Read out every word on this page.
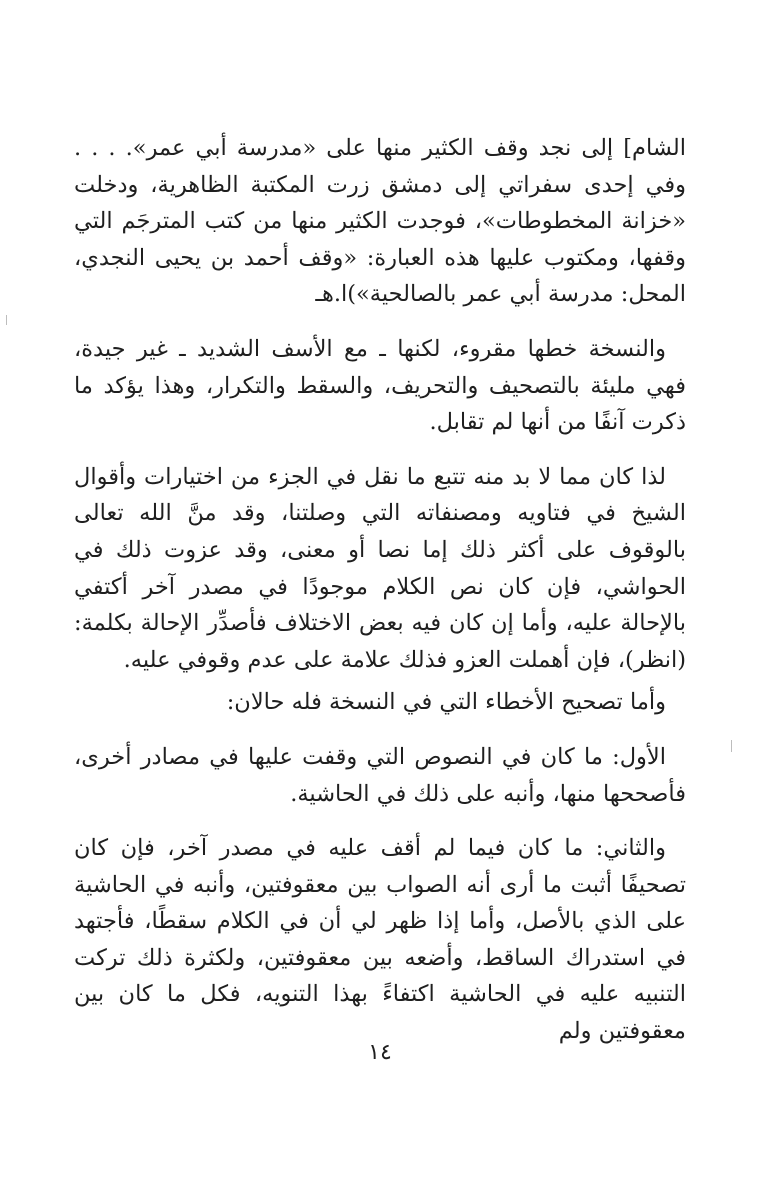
الشام] إلى نجد وقف الكثير منها على «مدرسة أبي عمر». . . . وفي إحدى سفراتي إلى دمشق زرت المكتبة الظاهرية، ودخلت «خزانة المخطوطات»، فوجدت الكثير منها من كتب المترجَم التي وقفها، ومكتوب عليها هذه العبارة: «وقف أحمد بن يحيى النجدي، المحل: مدرسة أبي عمر بالصالحية»)ا.هـ

والنسخة خطها مقروء، لكنها ـ مع الأسف الشديد ـ غير جيدة، فهي مليئة بالتصحيف والتحريف، والسقط والتكرار، وهذا يؤكد ما ذكرت آنفًا من أنها لم تقابل.

لذا كان مما لا بد منه تتبع ما نقل في الجزء من اختيارات وأقوال الشيخ في فتاويه ومصنفاته التي وصلتنا، وقد منَّ الله تعالى بالوقوف على أكثر ذلك إما نصا أو معنى، وقد عزوت ذلك في الحواشي، فإن كان نص الكلام موجودًا في مصدر آخر أكتفي بالإحالة عليه، وأما إن كان فيه بعض الاختلاف فأصدِّر الإحالة بكلمة: (انظر)، فإن أهملت العزو فذلك علامة على عدم وقوفي عليه.

وأما تصحيح الأخطاء التي في النسخة فله حالان:

الأول: ما كان في النصوص التي وقفت عليها في مصادر أخرى، فأصححها منها، وأنبه على ذلك في الحاشية.

والثاني: ما كان فيما لم أقف عليه في مصدر آخر، فإن كان تصحيفًا أثبت ما أرى أنه الصواب بين معقوفتين، وأنبه في الحاشية على الذي بالأصل، وأما إذا ظهر لي أن في الكلام سقطًا، فأجتهد في استدراك الساقط، وأضعه بين معقوفتين، ولكثرة ذلك تركت التنبيه عليه في الحاشية اكتفاءً بهذا التنويه، فكل ما كان بين معقوفتين ولم

١٤
